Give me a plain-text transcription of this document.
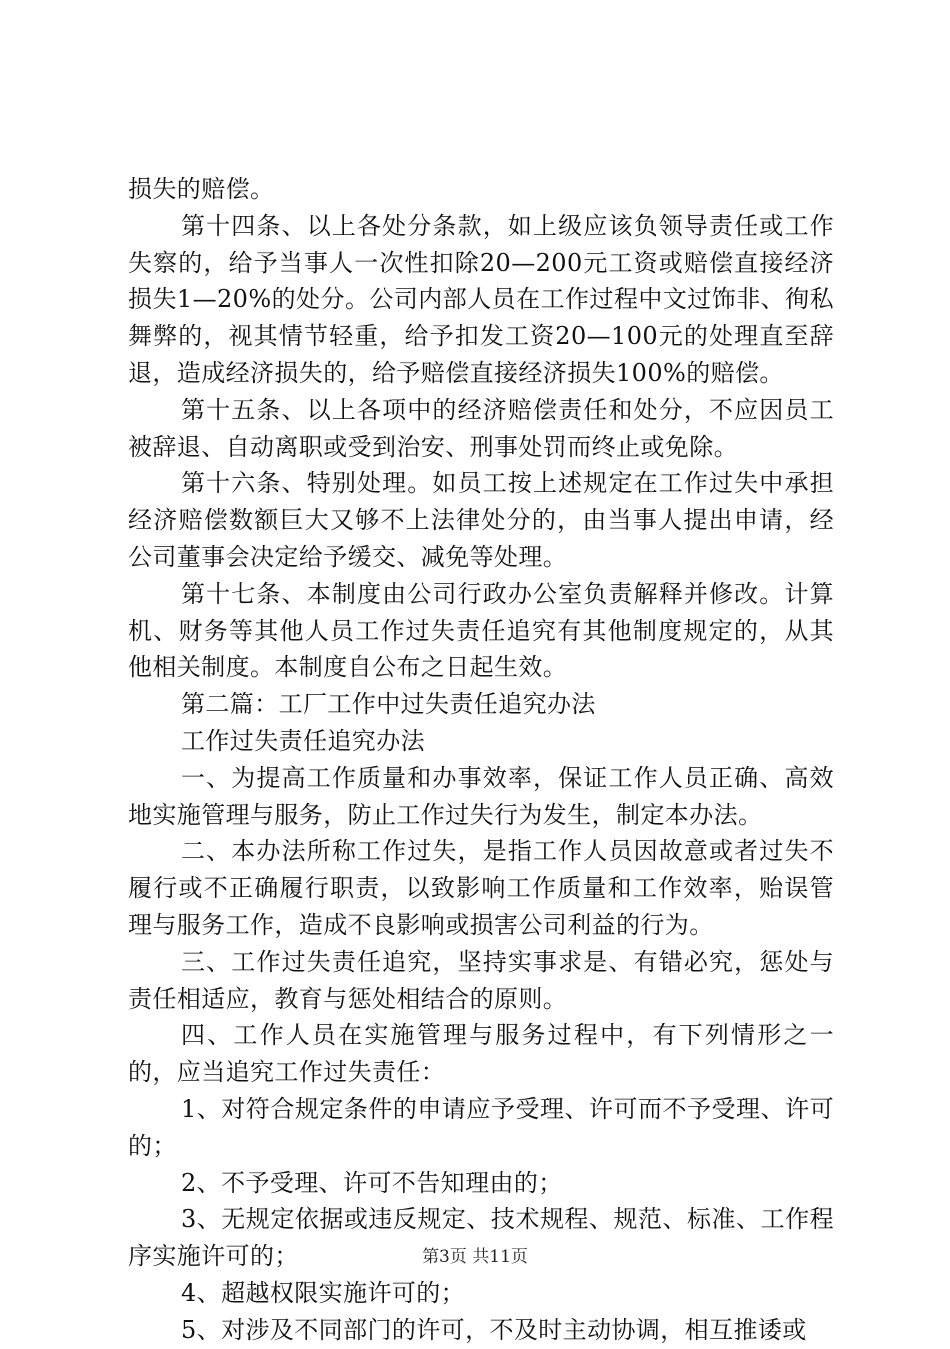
损失的赔偿。

第十四条、以上各处分条款，如上级应该负领导责任或工作失察的，给予当事人一次性扣除20—200元工资或赔偿直接经济损失1—20%的处分。公司内部人员在工作过程中文过饰非、徇私舞弊的，视其情节轻重，给予扣发工资20—100元的处理直至辞退，造成经济损失的，给予赔偿直接经济损失100%的赔偿。

第十五条、以上各项中的经济赔偿责任和处分，不应因员工被辞退、自动离职或受到治安、刑事处罚而终止或免除。

第十六条、特别处理。如员工按上述规定在工作过失中承担经济赔偿数额巨大又够不上法律处分的，由当事人提出申请，经公司董事会决定给予缓交、减免等处理。

第十七条、本制度由公司行政办公室负责解释并修改。计算机、财务等其他人员工作过失责任追究有其他制度规定的，从其他相关制度。本制度自公布之日起生效。

第二篇：工厂工作中过失责任追究办法

工作过失责任追究办法

一、为提高工作质量和办事效率，保证工作人员正确、高效地实施管理与服务，防止工作过失行为发生，制定本办法。

二、本办法所称工作过失，是指工作人员因故意或者过失不履行或不正确履行职责，以致影响工作质量和工作效率，贻误管理与服务工作，造成不良影响或损害公司利益的行为。

三、工作过失责任追究，坚持实事求是、有错必究，惩处与责任相适应，教育与惩处相结合的原则。

四、工作人员在实施管理与服务过程中，有下列情形之一的，应当追究工作过失责任：

1、对符合规定条件的申请应予受理、许可而不予受理、许可的；

2、不予受理、许可不告知理由的；

3、无规定依据或违反规定、技术规程、规范、标准、工作程序实施许可的；

4、超越权限实施许可的；

5、对涉及不同部门的许可，不及时主动协调，相互推诿或

第3页 共11页
